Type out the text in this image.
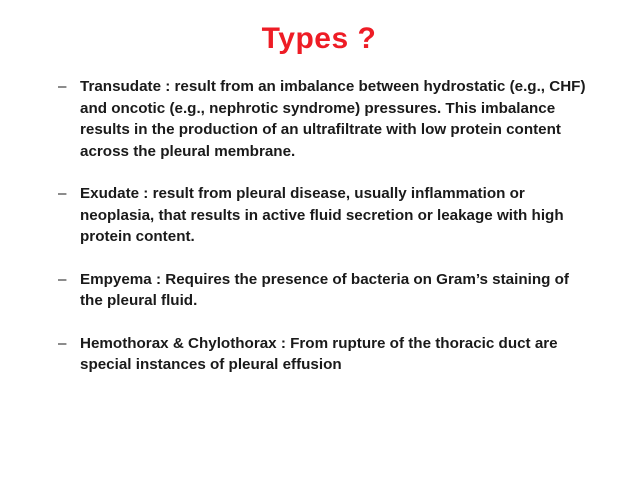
Types ?
– Transudate : result from an imbalance between hydrostatic (e.g., CHF) and oncotic (e.g., nephrotic syndrome) pressures. This imbalance results in the production of an ultrafiltrate with low protein content across the pleural membrane.
– Exudate : result from pleural disease, usually inflammation or neoplasia, that results in active fluid secretion or leakage with high protein content.
– Empyema : Requires the presence of bacteria on Gram’s staining of the pleural fluid.
– Hemothorax & Chylothorax : From rupture of the thoracic duct are special instances of pleural effusion
